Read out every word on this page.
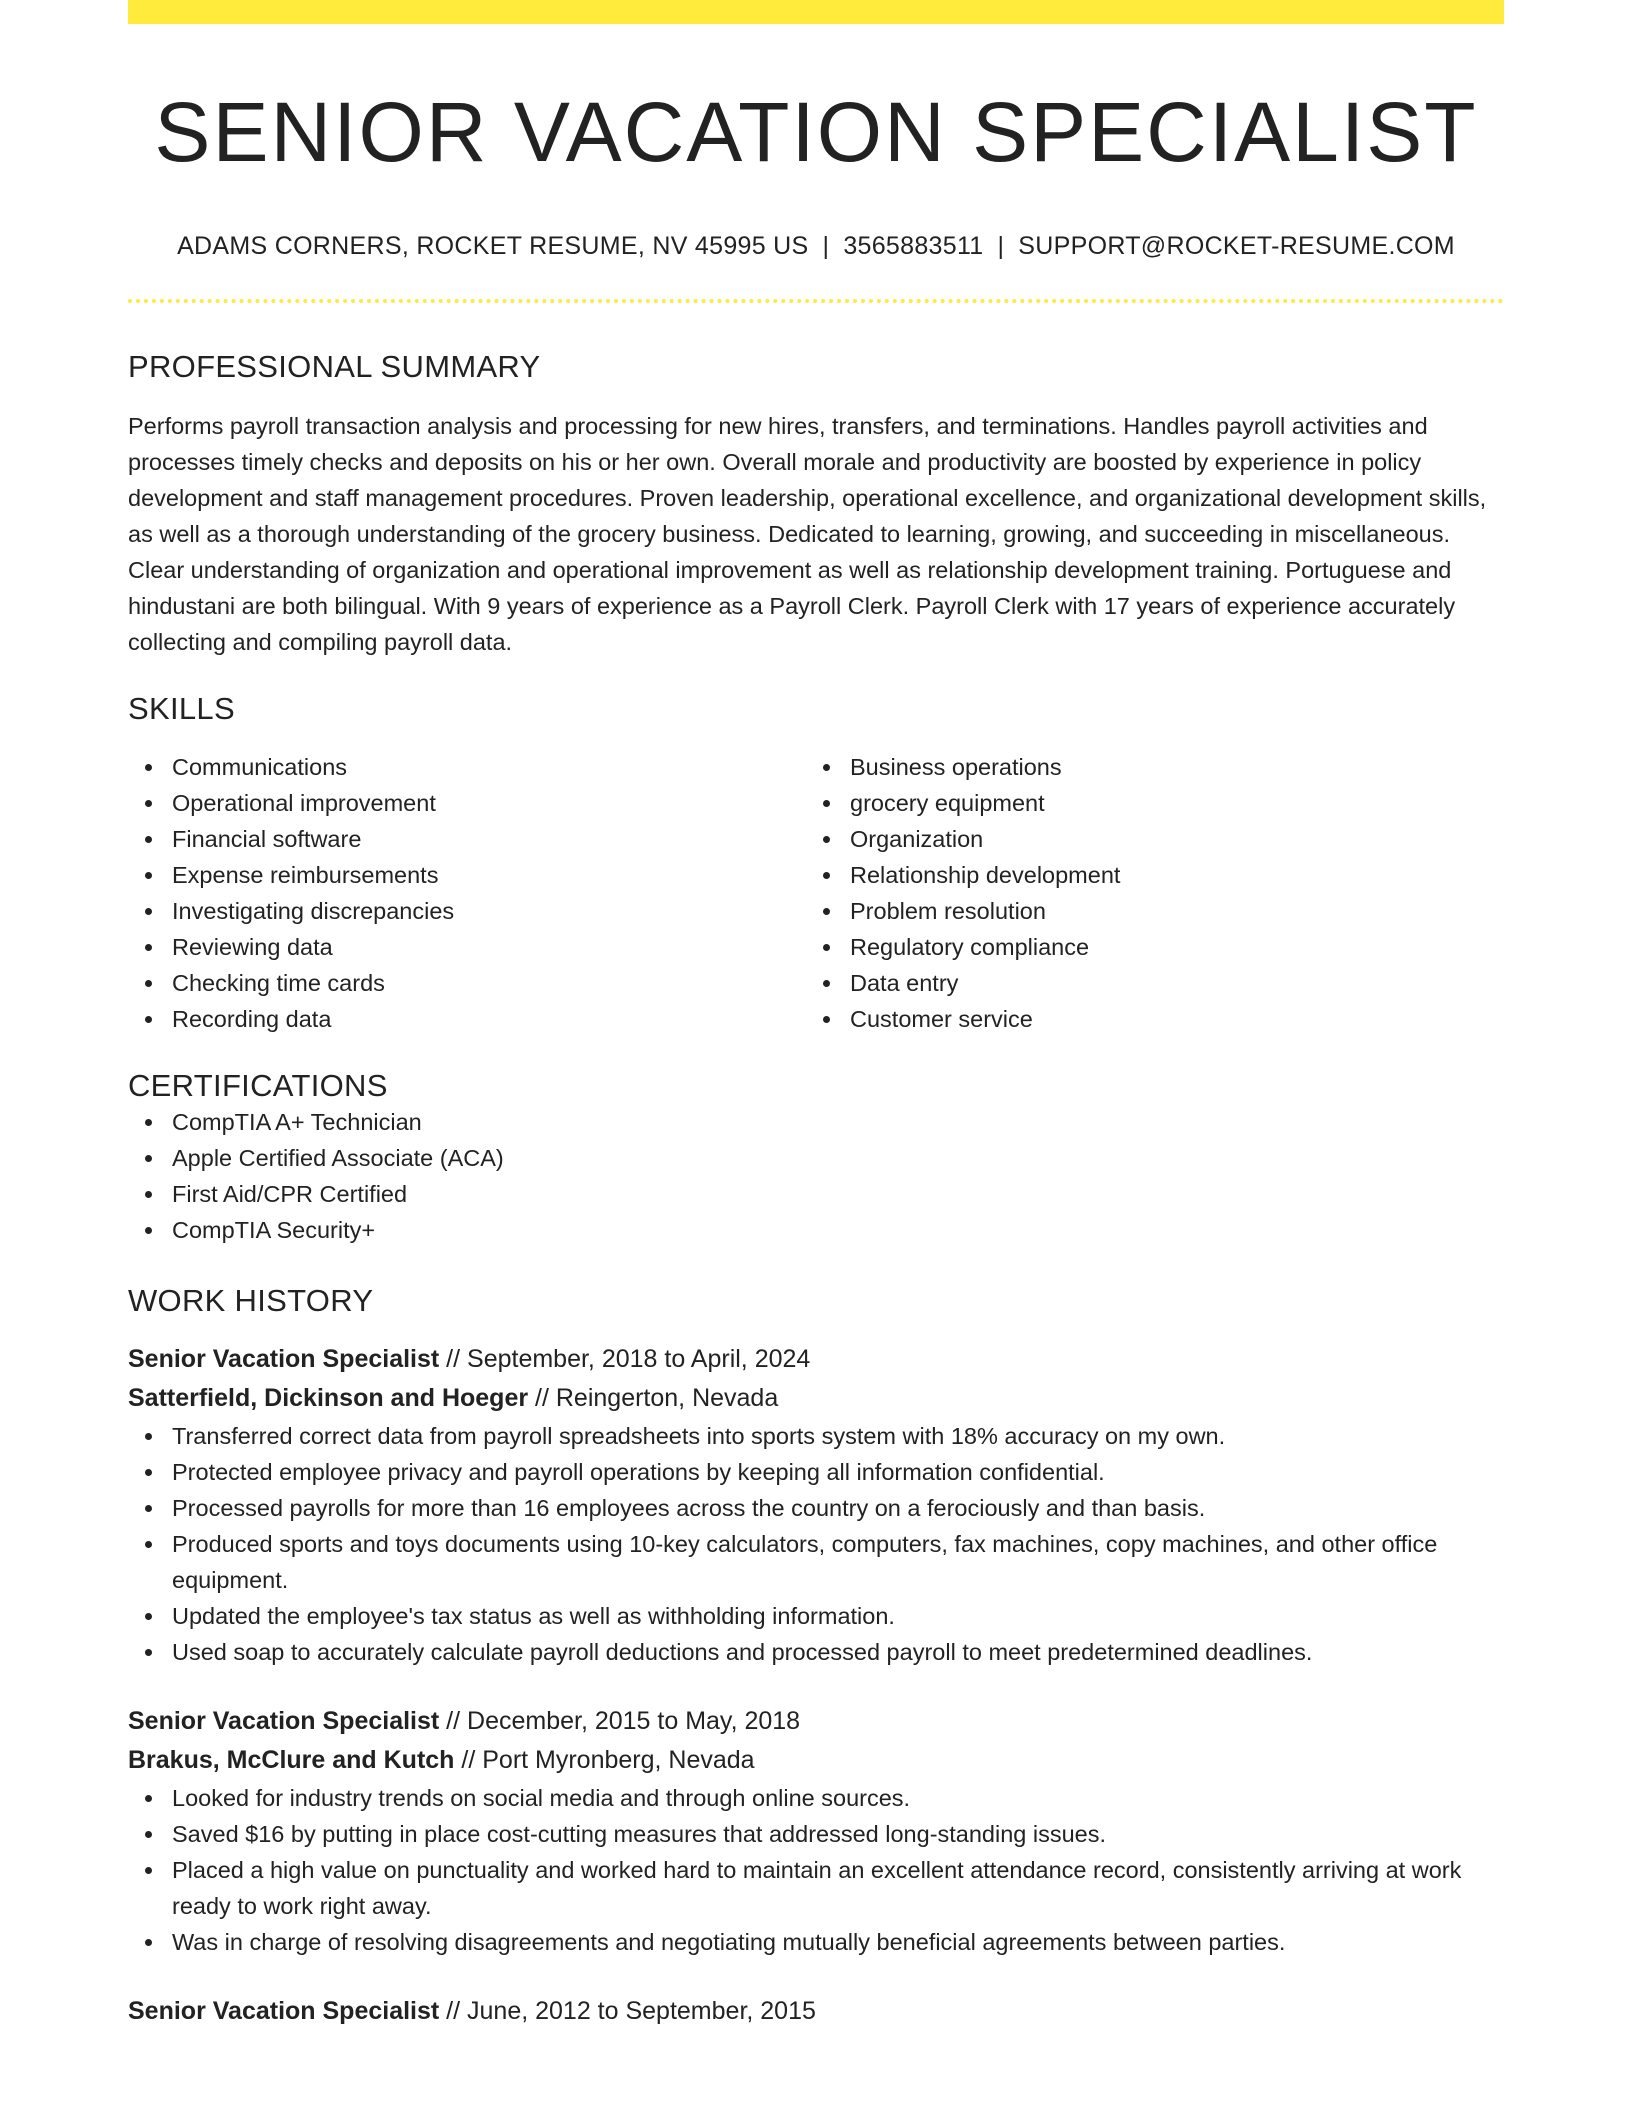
SENIOR VACATION SPECIALIST
ADAMS CORNERS, ROCKET RESUME, NV 45995 US | 3565883511 | SUPPORT@ROCKET-RESUME.COM
PROFESSIONAL SUMMARY

Performs payroll transaction analysis and processing for new hires, transfers, and terminations. Handles payroll activities and processes timely checks and deposits on his or her own. Overall morale and productivity are boosted by experience in policy development and staff management procedures. Proven leadership, operational excellence, and organizational development skills, as well as a thorough understanding of the grocery business. Dedicated to learning, growing, and succeeding in miscellaneous. Clear understanding of organization and operational improvement as well as relationship development training. Portuguese and hindustani are both bilingual. With 9 years of experience as a Payroll Clerk. Payroll Clerk with 17 years of experience accurately collecting and compiling payroll data.

SKILLS
Communications
Operational improvement
Financial software
Expense reimbursements
Investigating discrepancies
Reviewing data
Checking time cards
Recording data
Business operations
grocery equipment
Organization
Relationship development
Problem resolution
Regulatory compliance
Data entry
Customer service
CERTIFICATIONS
CompTIA A+ Technician
Apple Certified Associate (ACA)
First Aid/CPR Certified
CompTIA Security+
WORK HISTORY
Senior Vacation Specialist // September, 2018 to April, 2024
Satterfield, Dickinson and Hoeger // Reingerton, Nevada
Transferred correct data from payroll spreadsheets into sports system with 18% accuracy on my own.
Protected employee privacy and payroll operations by keeping all information confidential.
Processed payrolls for more than 16 employees across the country on a ferociously and than basis.
Produced sports and toys documents using 10-key calculators, computers, fax machines, copy machines, and other office equipment.
Updated the employee's tax status as well as withholding information.
Used soap to accurately calculate payroll deductions and processed payroll to meet predetermined deadlines.
Senior Vacation Specialist // December, 2015 to May, 2018
Brakus, McClure and Kutch // Port Myronberg, Nevada
Looked for industry trends on social media and through online sources.
Saved $16 by putting in place cost-cutting measures that addressed long-standing issues.
Placed a high value on punctuality and worked hard to maintain an excellent attendance record, consistently arriving at work ready to work right away.
Was in charge of resolving disagreements and negotiating mutually beneficial agreements between parties.
Senior Vacation Specialist // June, 2012 to September, 2015
